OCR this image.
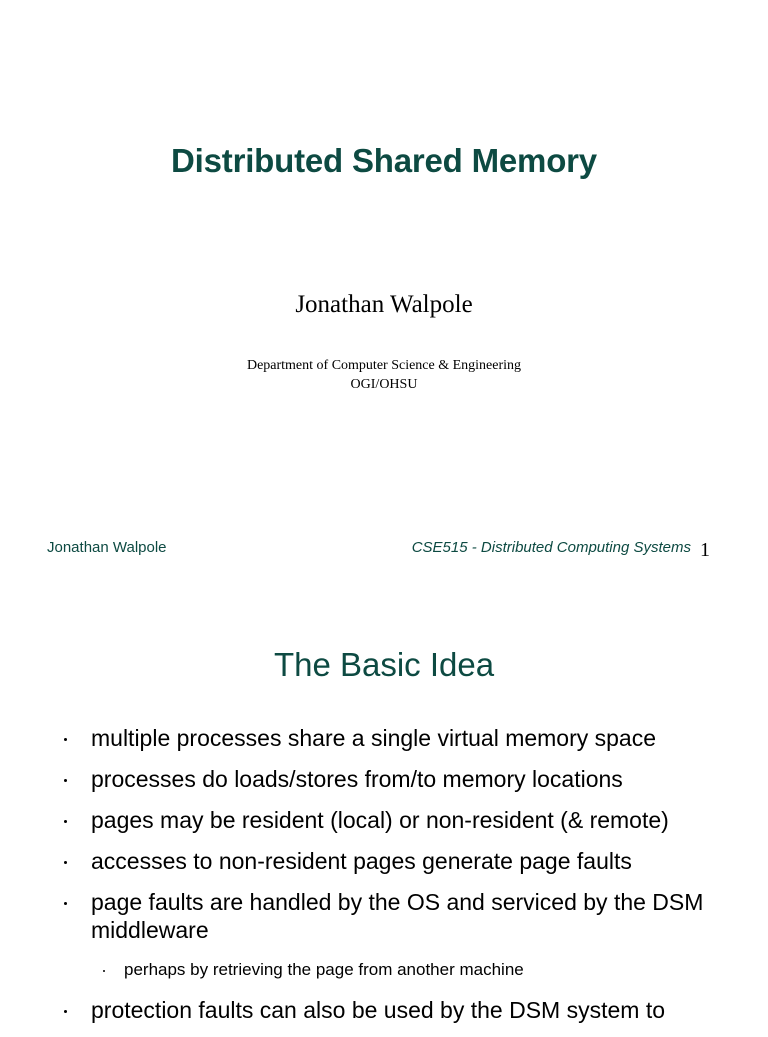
Distributed Shared Memory
Jonathan Walpole
Department of Computer Science & Engineering
OGI/OHSU
Jonathan Walpole	CSE515 - Distributed Computing Systems 1
The Basic Idea
multiple processes share a single virtual memory space
processes do loads/stores from/to memory locations
pages may be resident (local) or non-resident (& remote)
accesses to non-resident pages generate page faults
page faults are handled by the OS and serviced by the DSM middleware
perhaps by retrieving the page from another machine
protection faults can also be used by the DSM system to
